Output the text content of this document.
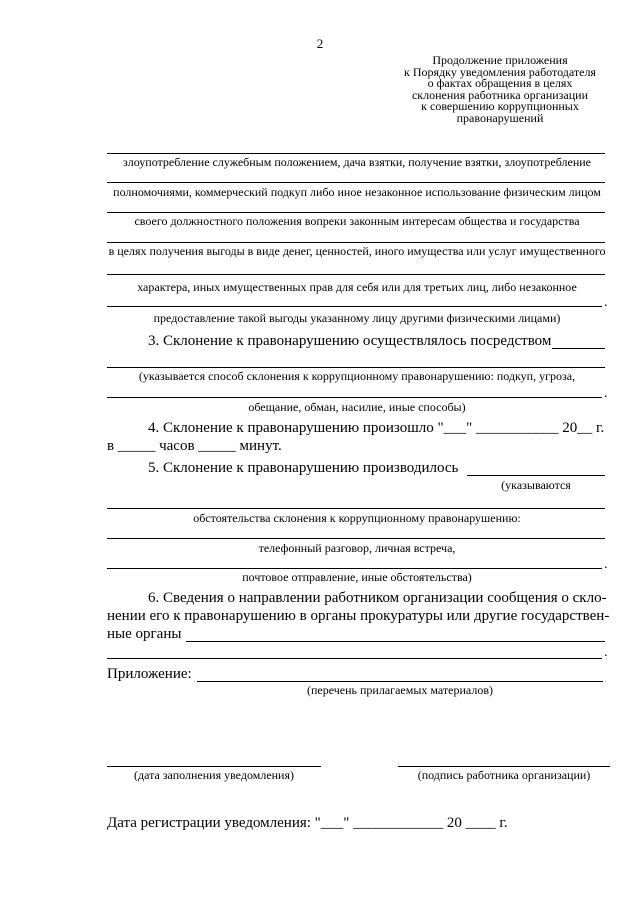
2
Продолжение приложения
к Порядку уведомления работодателя
о фактах обращения в целях
склонения работника организации
к совершению коррупционных
правонарушений
злоупотребление служебным положением, дача взятки, получение взятки, злоупотребление
полномочиями, коммерческий подкуп либо иное незаконное использование физическим лицом
своего должностного положения вопреки законным интересам общества и государства
в целях получения выгоды в виде денег, ценностей, иного имущества или услуг имущественного
характера, иных имущественных прав для себя или для третьих лиц, либо незаконное
.
предоставление такой выгоды указанному лицу другими физическими лицами)
3. Склонение к правонарушению осуществлялось посредством
(указывается способ склонения к коррупционному правонарушению: подкуп, угроза,
.
обещание, обман, насилие, иные способы)
4. Склонение к правонарушению произошло "___" ___________ 20__ г.
в _____ часов _____ минут.
5. Склонение к правонарушению производилось
(указываются
обстоятельства склонения к коррупционному правонарушению:
телефонный разговор, личная встреча,
.
почтовое отправление, иные обстоятельства)
6. Сведения о направлении работником организации сообщения о скло-
нении его к правонарушению в органы прокуратуры или другие государствен-
ные органы
.
Приложение:
(перечень прилагаемых материалов)
(дата заполнения уведомления)	(подпись работника организации)
Дата регистрации уведомления: "___" ____________ 20 ____ г.
